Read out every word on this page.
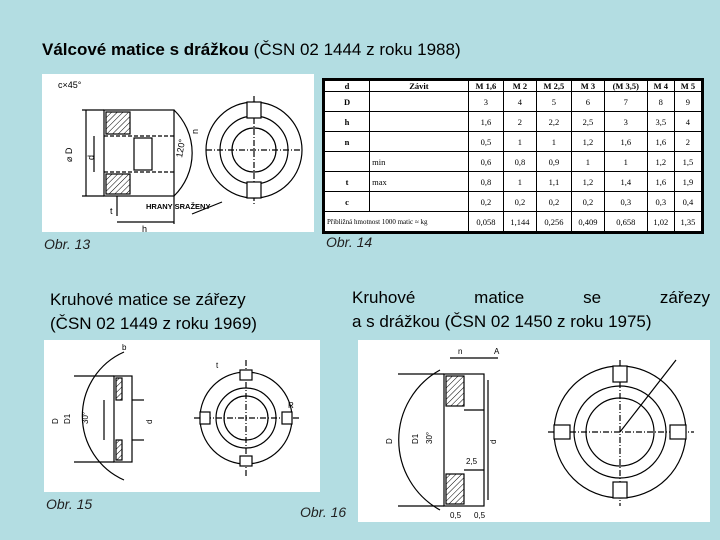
Válcové matice s drážkou (ČSN 02 1444 z roku 1988)
c×45°
⌀ D d	120°
n
t
h
HRANY SRAŽENY
d	Závit	M 1,6	M 2	M 2,5	M 3	(M 3,5)	M 4	M 5
D		3	4	5	6	7	8	9
h		1,6	2	2,2	2,5	3	3,5	4
n		0,5	1	1	1,2	1,6	1,6	2
	min	0,6	0,8	0,9	1	1	1,2	1,5
t	max	0,8	1	1,1	1,2	1,4	1,6	1,9
c		0,2	0,2	0,2	0,2	0,3	0,3	0,4
Přibližná hmotnost 1000 matic ≈ kg		0,058	1,144	0,256	0,409	0,658	1,02	1,35
Obr. 13	Obr. 14
Kruhové matice se zářezy
(ČSN 02 1449 z roku 1969)
Kruhové matice se zářezy
a s drážkou (ČSN 02 1450 z roku 1975)
b
D D1	d
30°
t
R
n	A
D D1	d
30°
0,5 0,5
2,5
Obr. 15	Obr. 16
